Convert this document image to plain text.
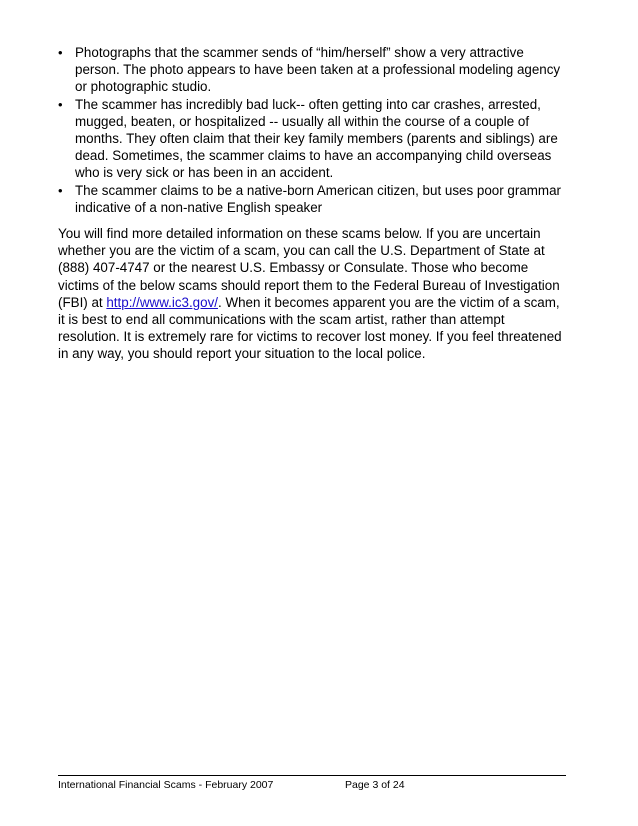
• Photographs that the scammer sends of “him/herself” show a very attractive person. The photo appears to have been taken at a professional modeling agency or photographic studio.
• The scammer has incredibly bad luck-- often getting into car crashes, arrested, mugged, beaten, or hospitalized -- usually all within the course of a couple of months. They often claim that their key family members (parents and siblings) are dead. Sometimes, the scammer claims to have an accompanying child overseas who is very sick or has been in an accident.
• The scammer claims to be a native-born American citizen, but uses poor grammar indicative of a non-native English speaker

You will find more detailed information on these scams below. If you are uncertain whether you are the victim of a scam, you can call the U.S. Department of State at (888) 407-4747 or the nearest U.S. Embassy or Consulate. Those who become victims of the below scams should report them to the Federal Bureau of Investigation (FBI) at http://www.ic3.gov/. When it becomes apparent you are the victim of a scam, it is best to end all communications with the scam artist, rather than attempt resolution. It is extremely rare for victims to recover lost money. If you feel threatened in any way, you should report your situation to the local police.

International Financial Scams - February 2007	Page 3 of 24
